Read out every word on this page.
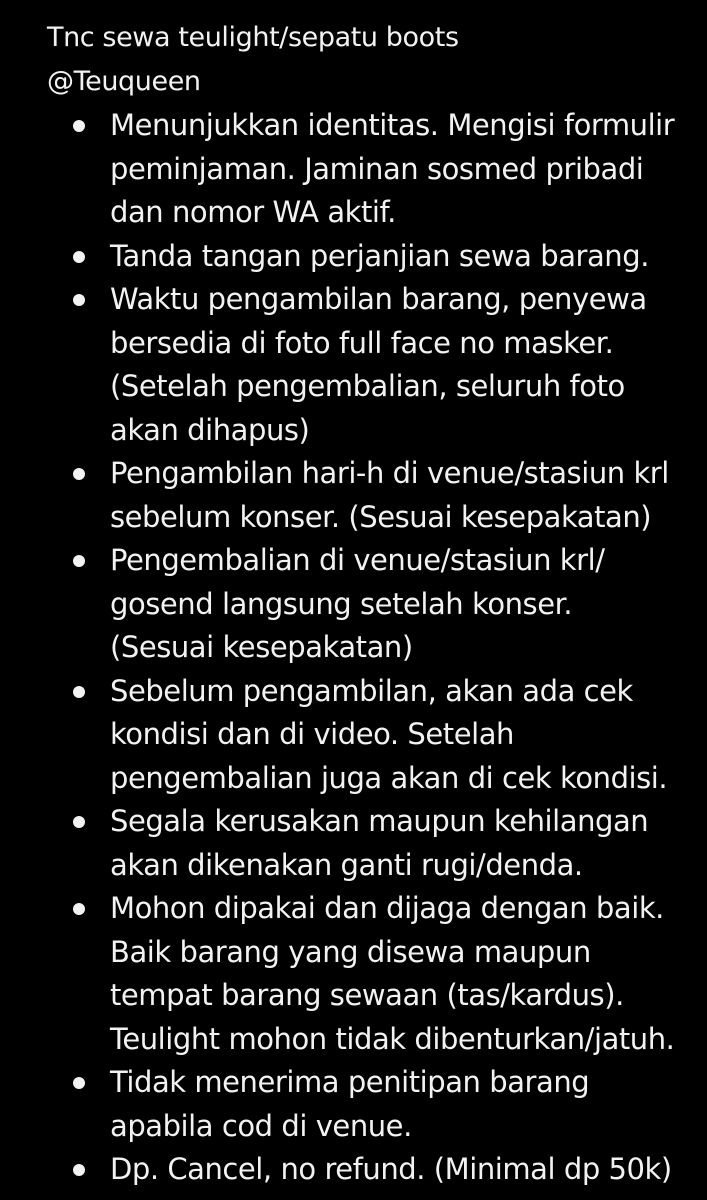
Tnc sewa teulight/sepatu boots

@Teuqueen

Menunjukkan identitas. Mengisi formulir
peminjaman. Jaminan sosmed pribadi
dan nomor WA aktif.
Tanda tangan perjanjian sewa barang.
Waktu pengambilan barang, penyewa
bersedia di foto full face no masker.
(Setelah pengembalian, seluruh foto
akan dihapus)
Pengambilan hari-h di venue/stasiun krl
sebelum konser. (Sesuai kesepakatan)
Pengembalian di venue/stasiun krl/
gosend langsung setelah konser.
(Sesuai kesepakatan)
Sebelum pengambilan, akan ada cek
kondisi dan di video. Setelah
pengembalian juga akan di cek kondisi.
Segala kerusakan maupun kehilangan
akan dikenakan ganti rugi/denda.
Mohon dipakai dan dijaga dengan baik.
Baik barang yang disewa maupun
tempat barang sewaan (tas/kardus).
Teulight mohon tidak dibenturkan/jatuh.
Tidak menerima penitipan barang
apabila cod di venue.
Dp. Cancel, no refund. (Minimal dp 50k)
